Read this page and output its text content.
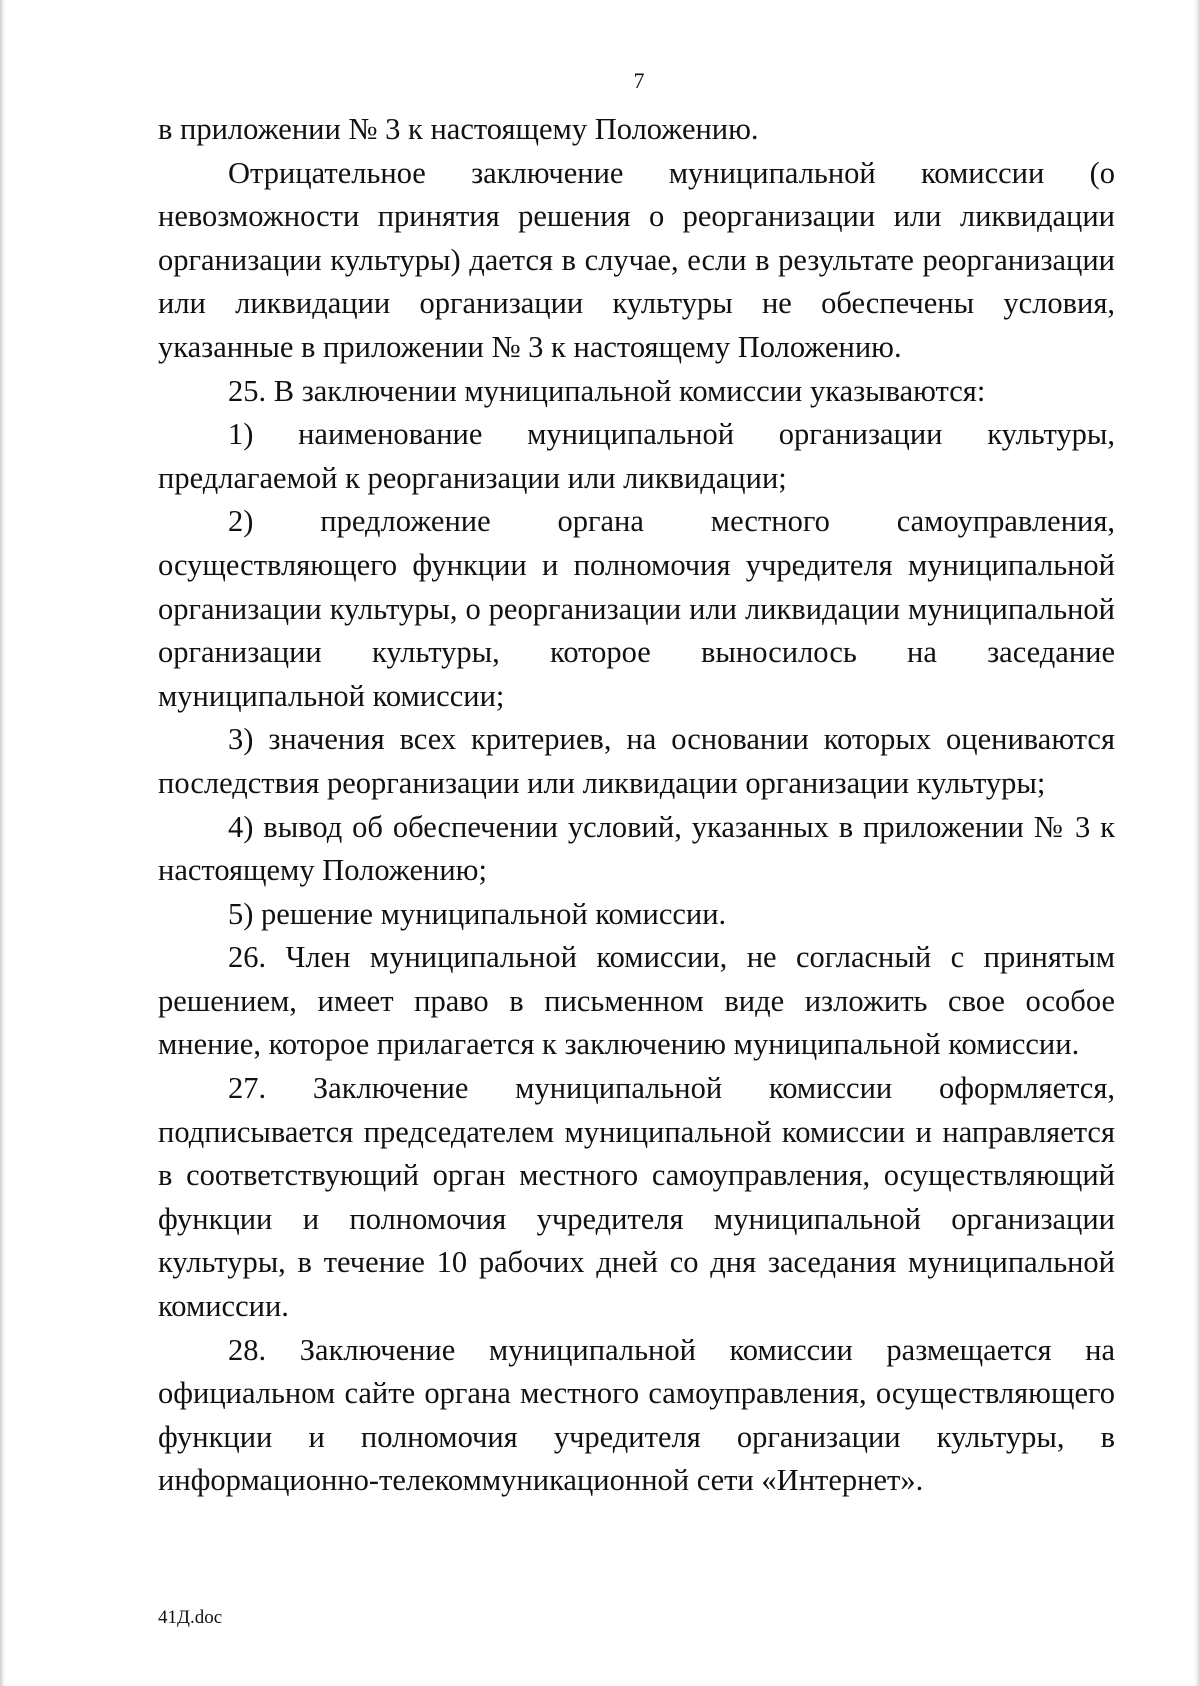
7

в приложении № 3 к настоящему Положению.

Отрицательное заключение муниципальной комиссии (о невозможности принятия решения о реорганизации или ликвидации организации культуры) дается в случае, если в результате реорганизации или ликвидации организации культуры не обеспечены условия, указанные в приложении № 3 к настоящему Положению.

25. В заключении муниципальной комиссии указываются:

1) наименование муниципальной организации культуры, предлагаемой к реорганизации или ликвидации;

2) предложение органа местного самоуправления, осуществляющего функции и полномочия учредителя муниципальной организации культуры, о реорганизации или ликвидации муниципальной организации культуры, которое выносилось на заседание муниципальной комиссии;

3) значения всех критериев, на основании которых оцениваются последствия реорганизации или ликвидации организации культуры;

4) вывод об обеспечении условий, указанных в приложении № 3 к настоящему Положению;

5) решение муниципальной комиссии.

26. Член муниципальной комиссии, не согласный с принятым решением, имеет право в письменном виде изложить свое особое мнение, которое прилагается к заключению муниципальной комиссии.

27. Заключение муниципальной комиссии оформляется, подписывается председателем муниципальной комиссии и направляется в соответствующий орган местного самоуправления, осуществляющий функции и полномочия учредителя муниципальной организации культуры, в течение 10 рабочих дней со дня заседания муниципальной комиссии.

28. Заключение муниципальной комиссии размещается на официальном сайте органа местного самоуправления, осуществляющего функции и полномочия учредителя организации культуры, в информационно-телекоммуникационной сети «Интернет».

41Д.doc
